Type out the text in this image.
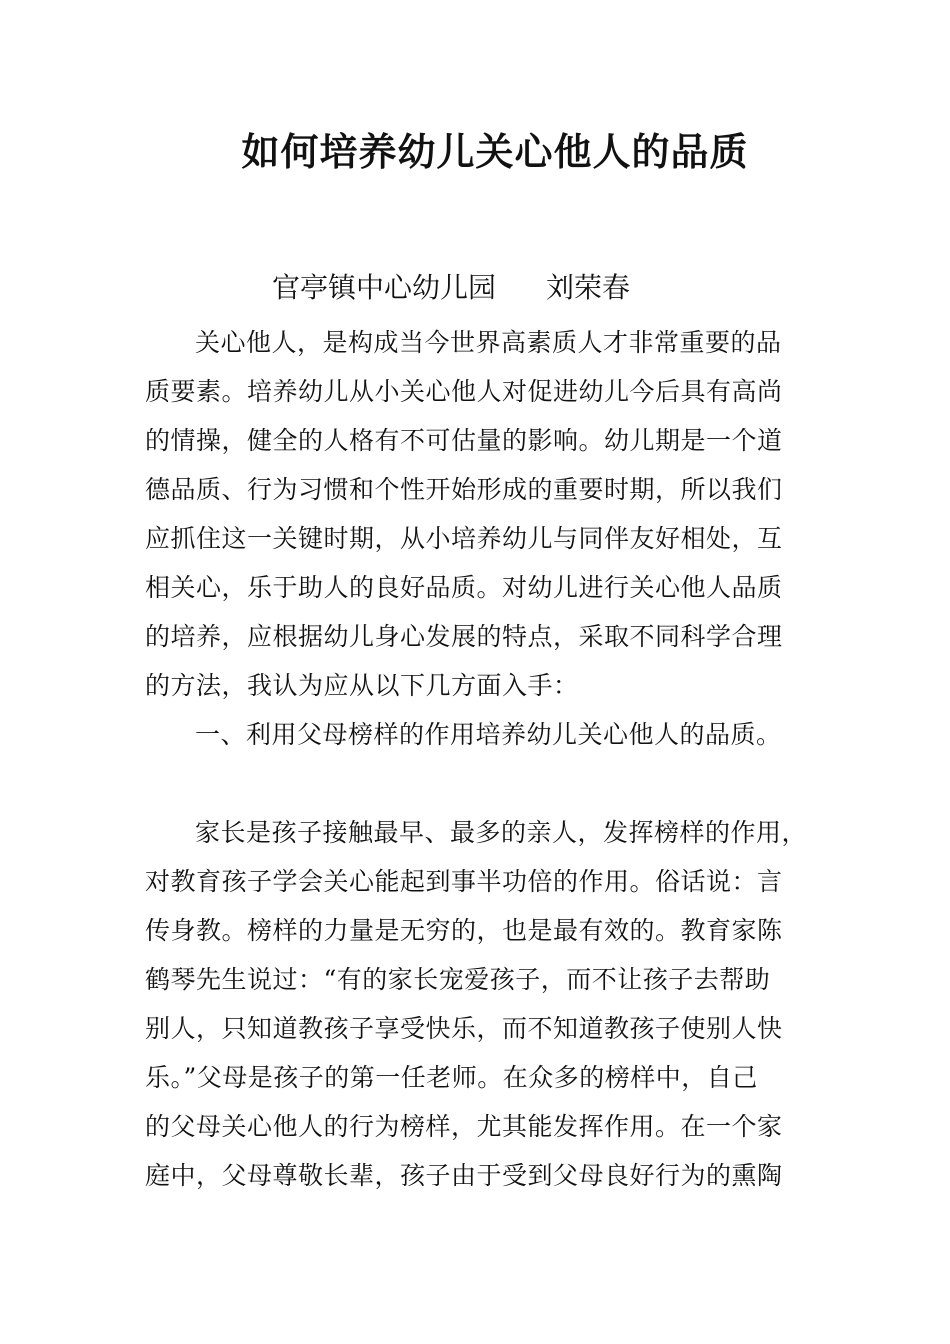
如何培养幼儿关心他人的品质
官亭镇中心幼儿园 刘荣春
关心他人，是构成当今世界高素质人才非常重要的品
质要素。培养幼儿从小关心他人对促进幼儿今后具有高尚
的情操，健全的人格有不可估量的影响。幼儿期是一个道
德品质、行为习惯和个性开始形成的重要时期，所以我们
应抓住这一关键时期，从小培养幼儿与同伴友好相处，互
相关心，乐于助人的良好品质。对幼儿进行关心他人品质
的培养，应根据幼儿身心发展的特点，采取不同科学合理
的方法，我认为应从以下几方面入手：
一、利用父母榜样的作用培养幼儿关心他人的品质。
家长是孩子接触最早、最多的亲人，发挥榜样的作用，
对教育孩子学会关心能起到事半功倍的作用。俗话说：言
传身教。榜样的力量是无穷的，也是最有效的。教育家陈
鹤琴先生说过：“有的家长宠爱孩子，而不让孩子去帮助
别人，只知道教孩子享受快乐，而不知道教孩子使别人快
乐。”父母是孩子的第一任老师。在众多的榜样中，自己
的父母关心他人的行为榜样，尤其能发挥作用。在一个家
庭中，父母尊敬长辈，孩子由于受到父母良好行为的熏陶
